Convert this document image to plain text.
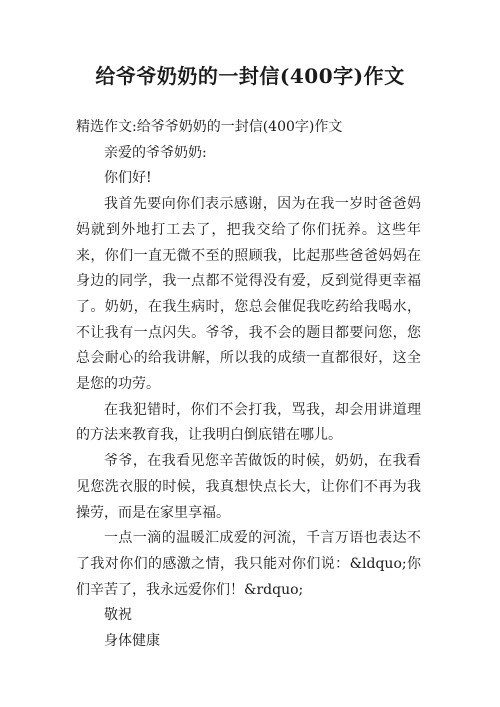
给爷爷奶奶的一封信(400字)作文

精选作文:给爷爷奶奶的一封信(400字)作文

亲爱的爷爷奶奶:

你们好!

我首先要向你们表示感谢，因为在我一岁时爸爸妈妈就到外地打工去了，把我交给了你们抚养。这些年来，你们一直无微不至的照顾我，比起那些爸爸妈妈在身边的同学，我一点都不觉得没有爱，反到觉得更幸福了。奶奶，在我生病时，您总会催促我吃药给我喝水，不让我有一点闪失。爷爷，我不会的题目都要问您，您总会耐心的给我讲解，所以我的成绩一直都很好，这全是您的功劳。

在我犯错时，你们不会打我，骂我，却会用讲道理的方法来教育我，让我明白倒底错在哪儿。

爷爷，在我看见您辛苦做饭的时候，奶奶，在我看见您洗衣服的时候，我真想快点长大，让你们不再为我操劳，而是在家里享福。

一点一滴的温暖汇成爱的河流，千言万语也表达不了我对你们的感激之情，我只能对你们说：&ldquo;你们辛苦了，我永远爱你们！&rdquo;

敬祝

身体健康
